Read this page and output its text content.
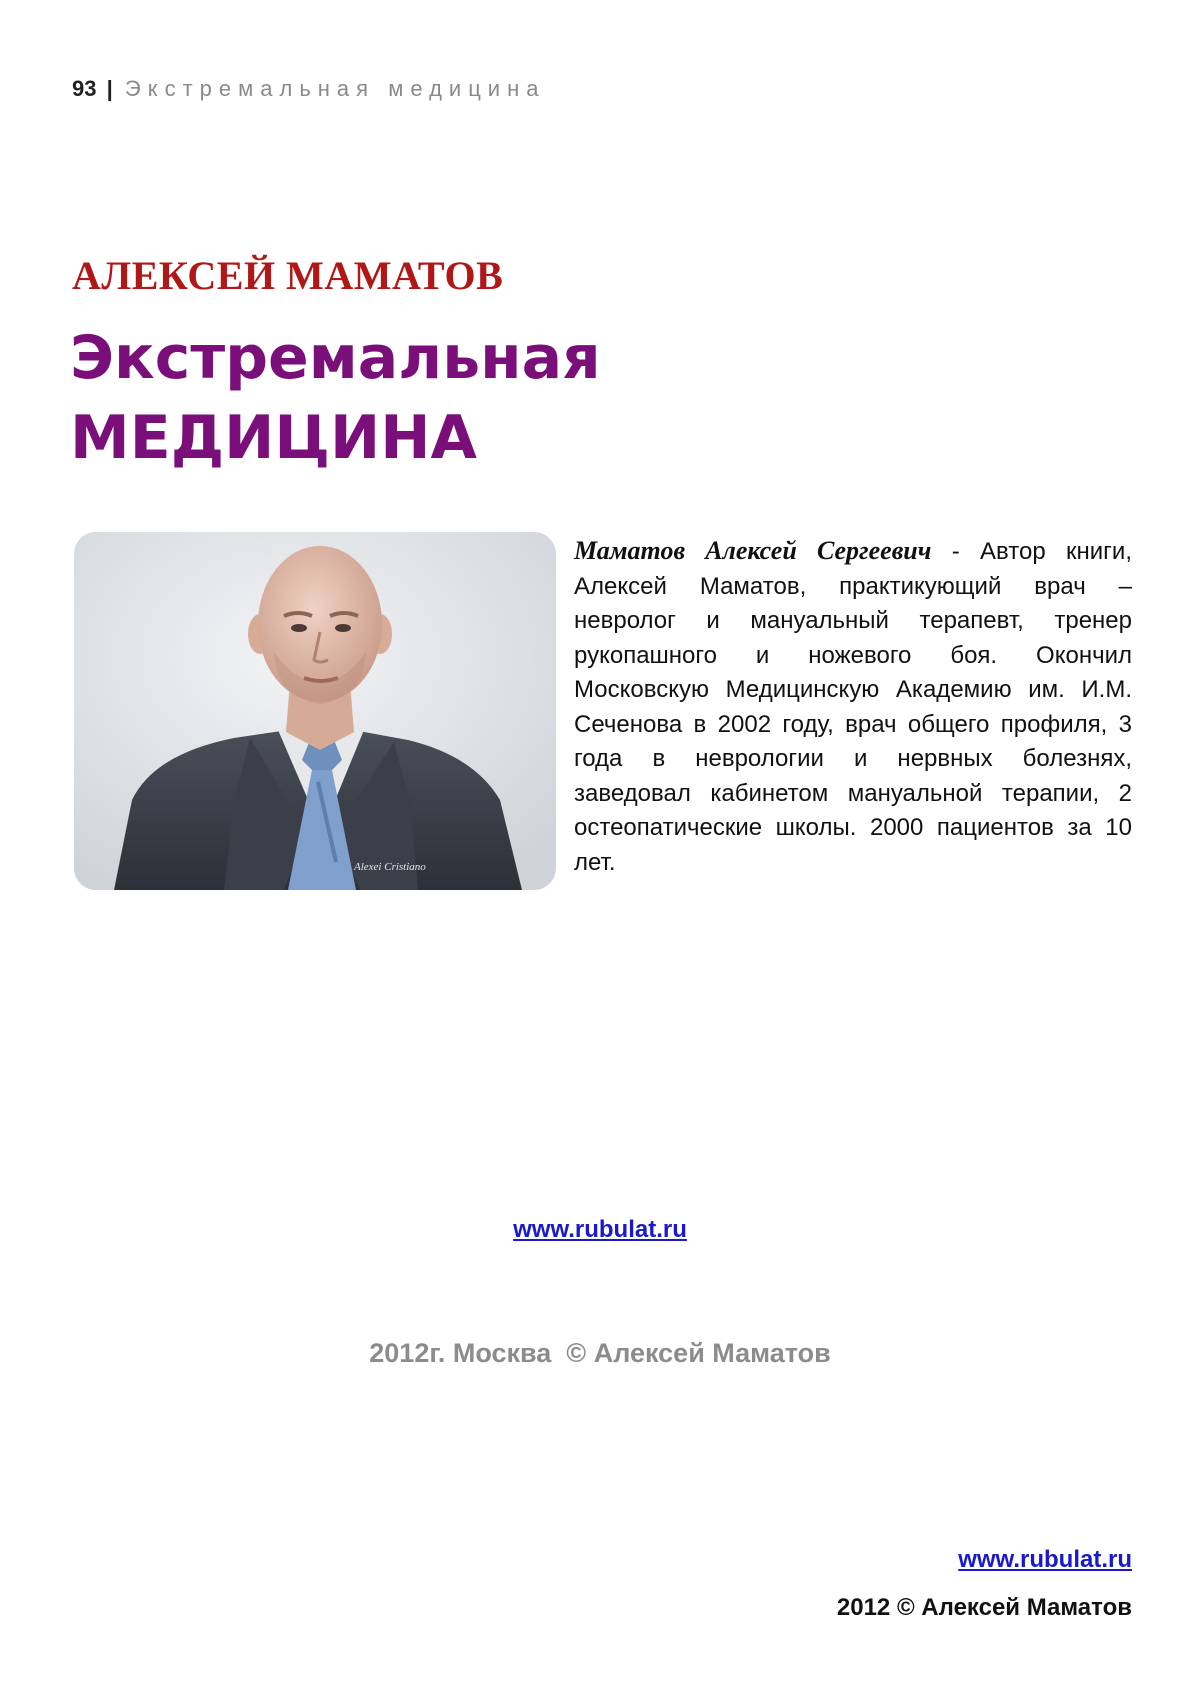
93 | Экстремальная медицина
АЛЕКСЕЙ МАМАТОВ
Экстремальная
МЕДИЦИНА
Alexei Cristiano

Маматов Алексей Сергеевич - Автор книги, Алексей Маматов, практикующий врач – невролог и мануальный терапевт, тренер рукопашного и ножевого боя. Окончил Московскую Медицинскую Академию им. И.М. Сеченова в 2002 году, врач общего профиля, 3 года в неврологии и нервных болезнях, заведовал кабинетом мануальной терапии, 2 остеопатические школы. 2000 пациентов за 10 лет.

www.rubulat.ru
2012г. Москва  © Алексей Маматов
www.rubulat.ru
2012 © Алексей Маматов
